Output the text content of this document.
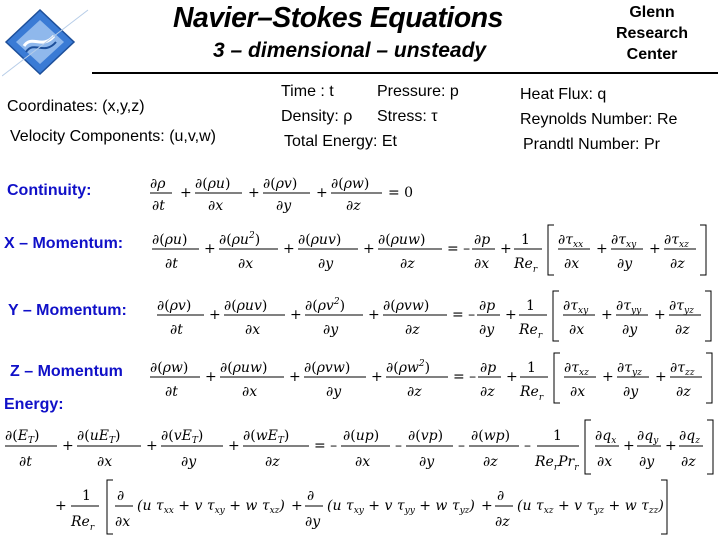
Navier–Stokes Equations
3 – dimensional – unsteady
Glenn
Research
Center
Coordinates: (x,y,z)
Velocity Components: (u,v,w)
Time : t
Density: ρ
Total Energy: Et
Pressure: p
Stress: τ
Heat Flux: q
Reynolds Number: Re
Prandtl Number: Pr
Continuity:
X – Momentum:
Y – Momentum:
Z – Momentum
Energy:
∂ρ
∂t
+
∂(ρu)
∂x
+
∂(ρv)
∂y
+
∂(ρw)
∂z
= 0
∂(ρu)
∂t
+
$\partial(\rho u^2)$
∂x
+
∂(ρuv)
∂y
+
∂(ρuw)
∂z
= –
∂p
∂x
+
1
$Re_r$
$\partial\tau_{xx}$
∂x
+
$\partial\tau_{xy}$
∂y
+
$\partial\tau_{xz}$
∂z
∂(ρv)
∂t
+
∂(ρuv)
∂x
+
$\partial(\rho v^2)$
∂y
+
∂(ρvw)
∂z
= –
∂p
∂y
+
1
$Re_r$
$\partial\tau_{xy}$
∂x
+
$\partial\tau_{yy}$
∂y
+
$\partial\tau_{yz}$
∂z
∂(ρw)
∂t
+
∂(ρuw)
∂x
+
∂(ρvw)
∂y
+
$\partial(\rho w^2)$
∂z
= –
∂p
∂z
+
1
$Re_r$
$\partial\tau_{xz}$
∂x
+
$\partial\tau_{yz}$
∂y
+
$\partial\tau_{zz}$
∂z
$\partial(E_T)$
∂t
+
$\partial(uE_T)$
∂x
+
$\partial(vE_T)$
∂y
+
$\partial(wE_T)$
∂z
= –
∂(up)
∂x
–
∂(vp)
∂y
–
∂(wp)
∂z
–
1
$Re_rPr_r$
$\partial q_x$
∂x
+
$\partial q_y$
∂y
+
$\partial q_z$
∂z
+
1
$Re_r$
∂
∂x
(u $\tau_{xx} + v$ $\tau_{xy} + w$ $\tau_{xz}$) +
∂
∂y
(u $\tau_{xy} + v$ $\tau_{yy} + w$ $\tau_{yz}$) +
∂
∂z
(u $\tau_{xz} + v$ $\tau_{yz} + w$ $\tau_{zz}$)
